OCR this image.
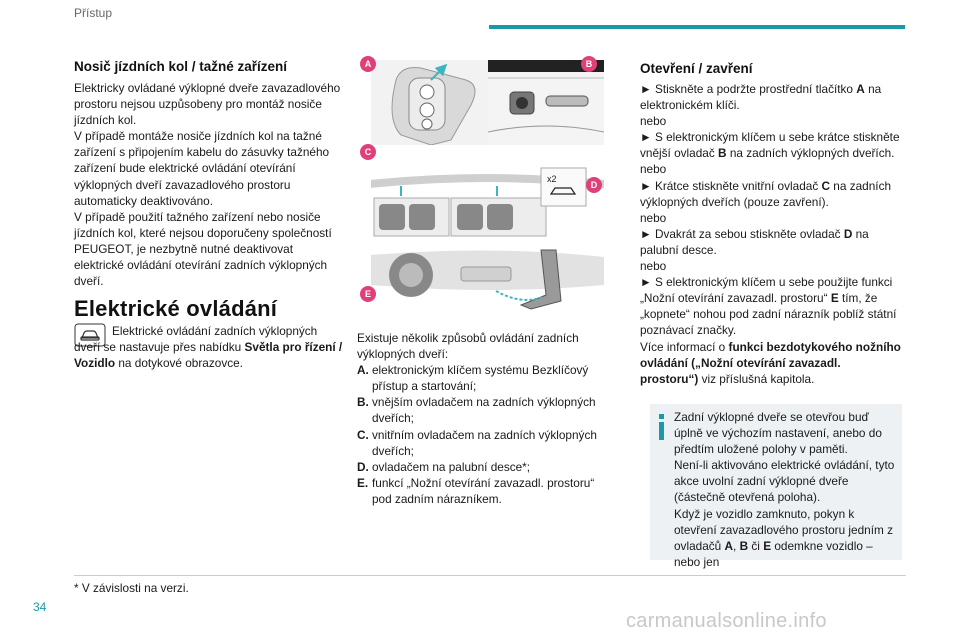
Přístup
Nosič jízdních kol / tažné zařízení

Elektricky ovládané výklopné dveře zavazadlového prostoru nejsou uzpůsobeny pro montáž nosiče jízdních kol.

V případě montáže nosiče jízdních kol na tažné zařízení s připojením kabelu do zásuvky tažného zařízení bude elektrické ovládání otevírání výklopných dveří zavazadlového prostoru automaticky deaktivováno.

V případě použití tažného zařízení nebo nosiče jízdních kol, které nejsou doporučeny společností PEUGEOT, je nezbytně nutné deaktivovat elektrické ovládání otevírání zadních výklopných dveří.

Elektrické ovládání

Elektrické ovládání zadních výklopných dveří se nastavuje přes nabídku Světla pro řízení / Vozidlo na dotykové obrazovce.

x2
A	B
C
D
E

Existuje několik způsobů ovládání zadních výklopných dveří:

A. elektronickým klíčem systému Bezklíčový přístup a startování;
B. vnějším ovladačem na zadních výklopných dveřích;
C. vnitřním ovladačem na zadních výklopných dveřích;
D. ovladačem na palubní desce*;
E. funkcí „Nožní otevírání zavazadl. prostoru“ pod zadním nárazníkem.
Otevření / zavření

► Stiskněte a podržte prostřední tlačítko A na elektronickém klíči.

nebo

► S elektronickým klíčem u sebe krátce stiskněte vnější ovladač B na zadních výklopných dveřích.

nebo

► Krátce stiskněte vnitřní ovladač C na zadních výklopných dveřích (pouze zavření).

nebo

► Dvakrát za sebou stiskněte ovladač D na palubní desce.

nebo

► S elektronickým klíčem u sebe použijte funkci „Nožní otevírání zavazadl. prostoru“ E tím, že „kopnete“ nohou pod zadní nárazník poblíž státní poznávací značky.

Více informací o funkci bezdotykového nožního ovládání („Nožní otevírání zavazadl. prostoru“) viz příslušná kapitola.

Zadní výklopné dveře se otevřou buď úplně ve výchozím nastavení, anebo do předtím uložené polohy v paměti.

Není-li aktivováno elektrické ovládání, tyto akce uvolní zadní výklopné dveře (částečně otevřená poloha).

Když je vozidlo zamknuto, pokyn k otevření zavazadlového prostoru jedním z ovladačů A, B či E odemkne vozidlo – nebo jen

* V závislosti na verzi.
34
carmanualsonline.info
